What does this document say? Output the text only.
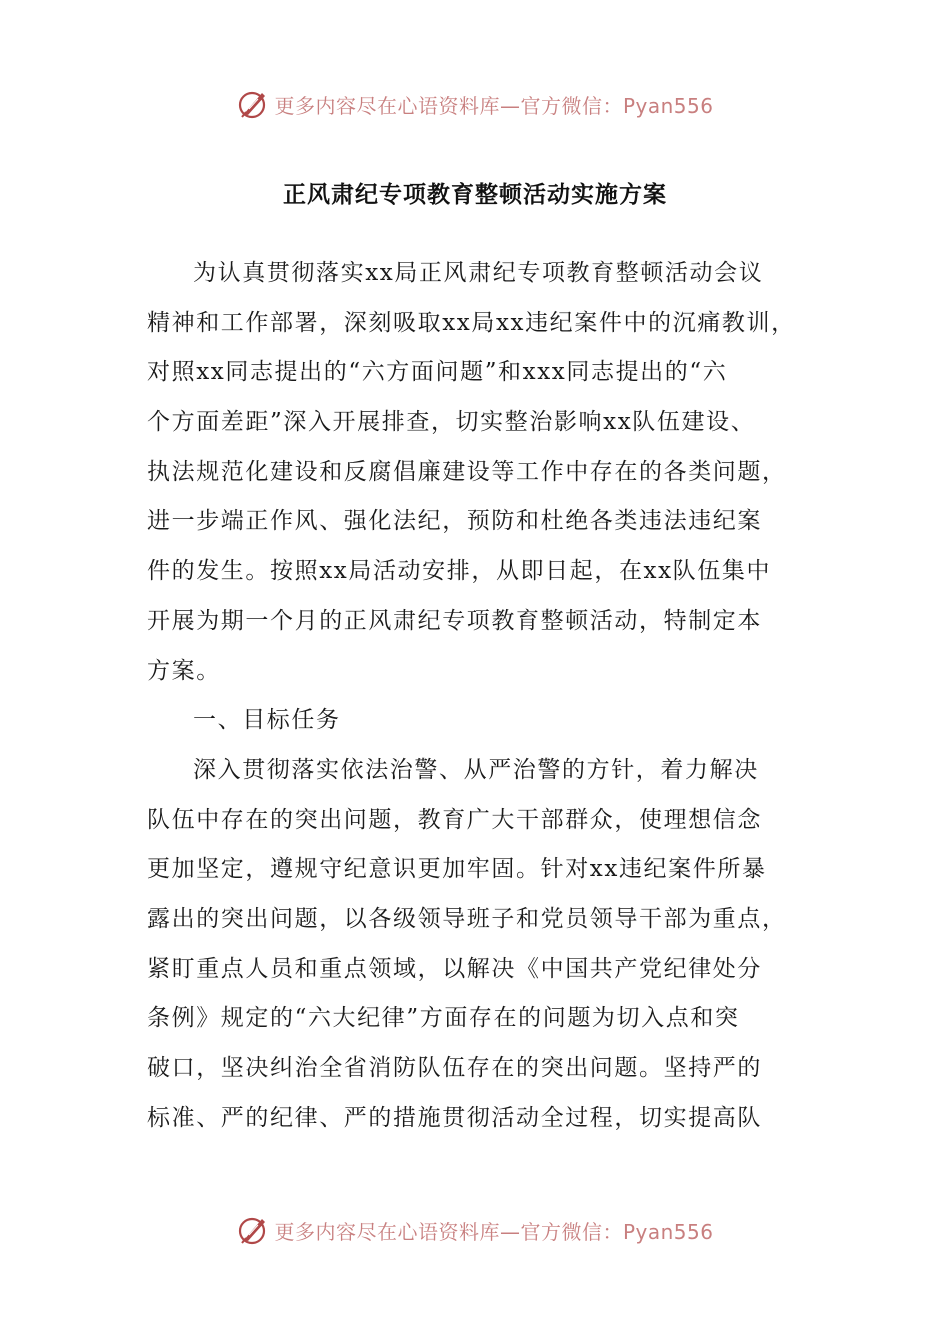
更多内容尽在心语资料库—官方微信：Pyan556
正风肃纪专项教育整顿活动实施方案
为认真贯彻落实xx局正风肃纪专项教育整顿活动会议
精神和工作部署，深刻吸取xx局xx违纪案件中的沉痛教训，
对照xx同志提出的“六方面问题”和xxx同志提出的“六
个方面差距”深入开展排查，切实整治影响xx队伍建设、
执法规范化建设和反腐倡廉建设等工作中存在的各类问题，
进一步端正作风、强化法纪，预防和杜绝各类违法违纪案
件的发生。按照xx局活动安排，从即日起，在xx队伍集中
开展为期一个月的正风肃纪专项教育整顿活动，特制定本
方案。
一、目标任务
深入贯彻落实依法治警、从严治警的方针，着力解决
队伍中存在的突出问题，教育广大干部群众，使理想信念
更加坚定，遵规守纪意识更加牢固。针对xx违纪案件所暴
露出的突出问题，以各级领导班子和党员领导干部为重点，
紧盯重点人员和重点领域，以解决《中国共产党纪律处分
条例》规定的“六大纪律”方面存在的问题为切入点和突
破口，坚决纠治全省消防队伍存在的突出问题。坚持严的
标准、严的纪律、严的措施贯彻活动全过程，切实提高队
更多内容尽在心语资料库—官方微信：Pyan556
